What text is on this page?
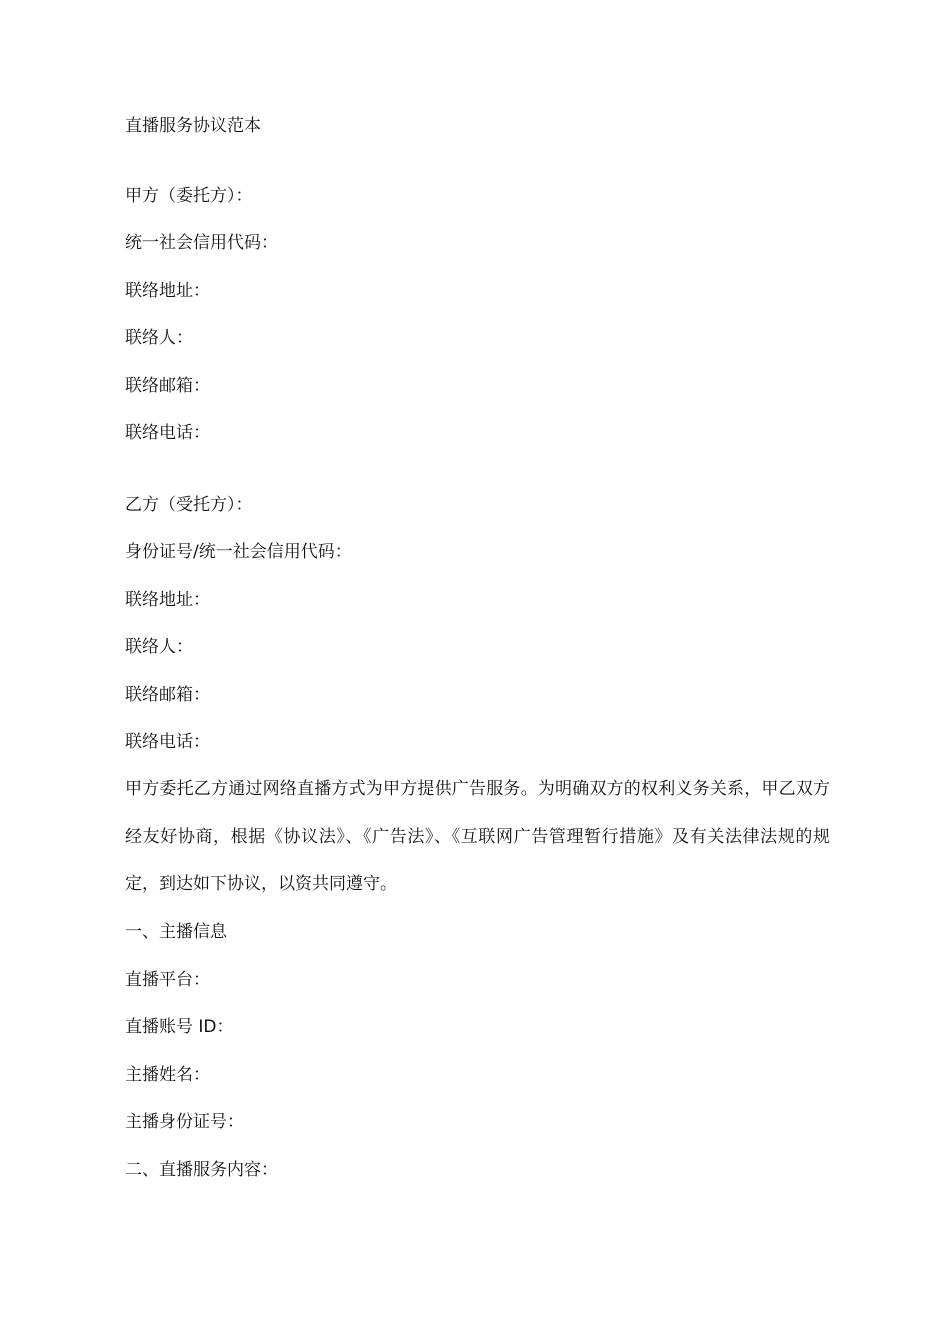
直播服务协议范本
甲方（委托方）：
统一社会信用代码：
联络地址：
联络人：
联络邮箱：
联络电话：
乙方（受托方）：
身份证号/统一社会信用代码：
联络地址：
联络人：
联络邮箱：
联络电话：
甲方委托乙方通过网络直播方式为甲方提供广告服务。为明确双方的权利义务关系，甲乙双方经友好协商，根据《协议法》、《广告法》、《互联网广告管理暂行措施》及有关法律法规的规定，到达如下协议，以资共同遵守。
一、主播信息
直播平台：
直播账号 ID：
主播姓名：
主播身份证号：
二、直播服务内容：
